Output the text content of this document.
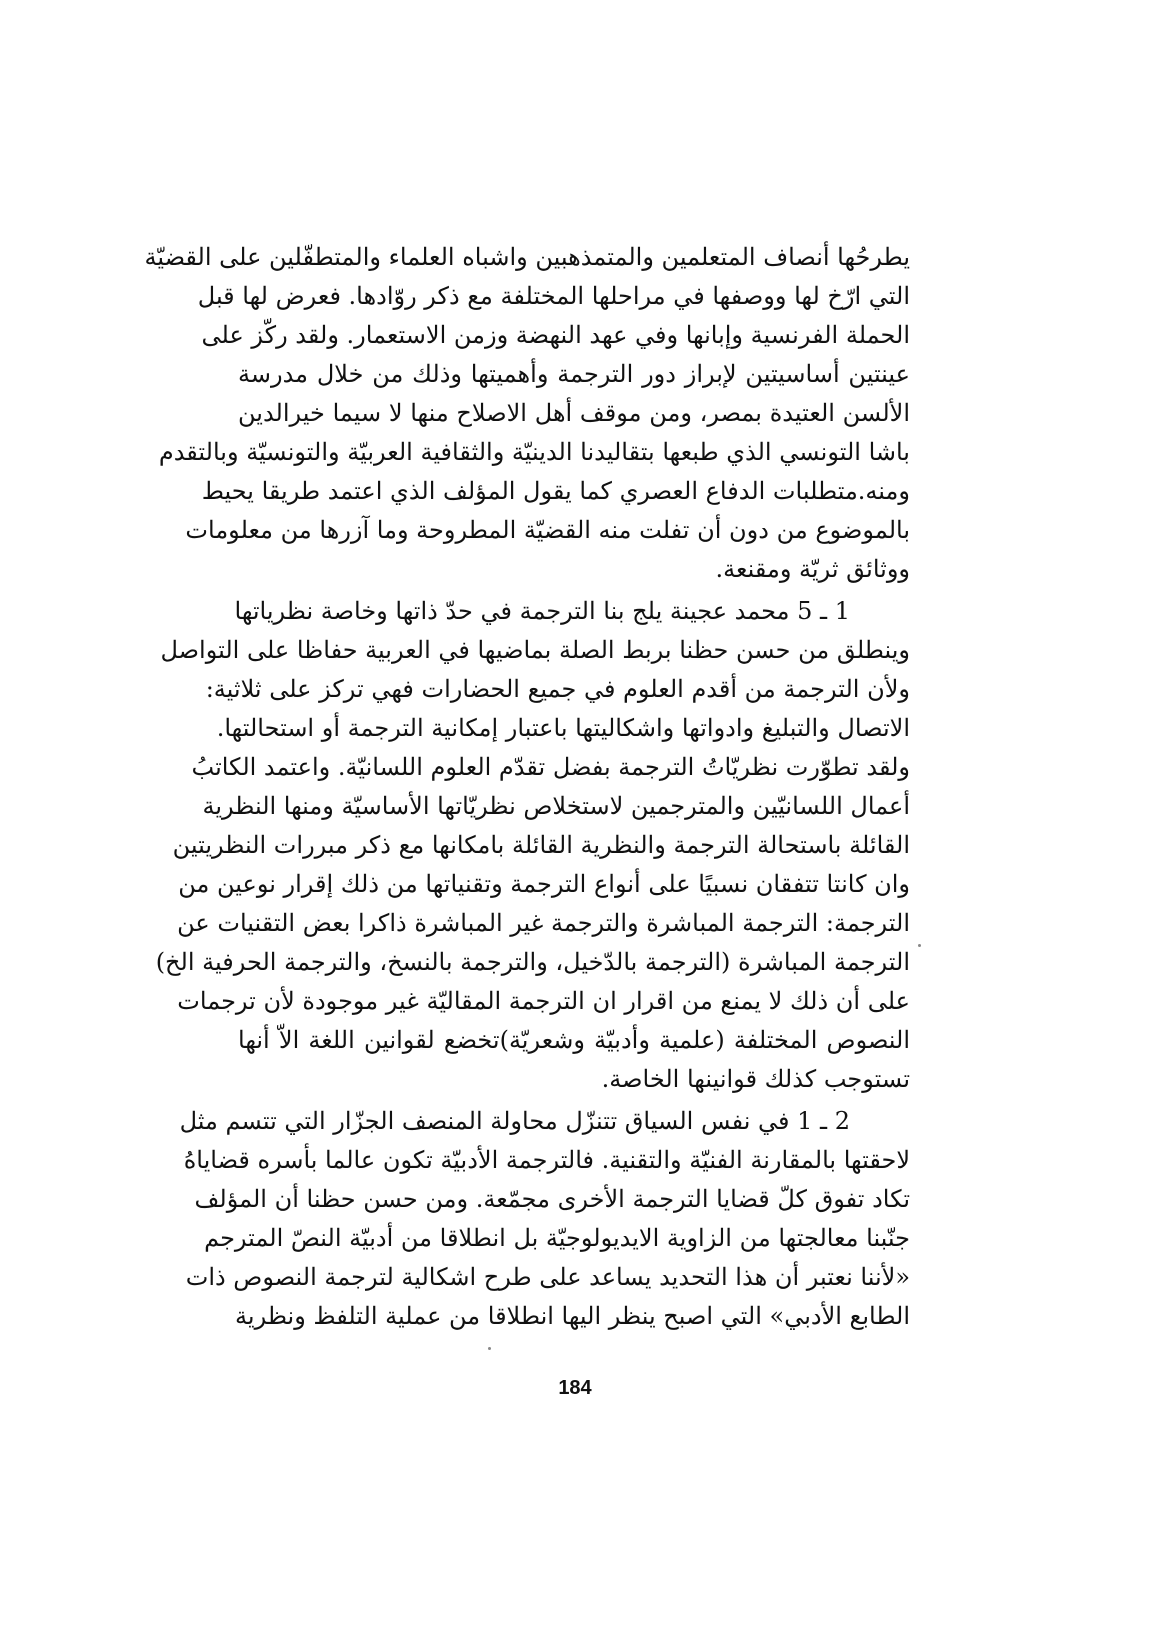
يطرحُها أنصاف المتعلمين والمتمذهبين واشباه العلماء والمتطفّلين على القضيّة
التي ارّخ لها ووصفها في مراحلها المختلفة مع ذكر روّادها. فعرض لها قبل
الحملة الفرنسية وإبانها وفي عهد النهضة وزمن الاستعمار. ولقد ركّز على
عينتين أساسيتين لإبراز دور الترجمة وأهميتها وذلك من خلال مدرسة
الألسن العتيدة بمصر، ومن موقف أهل الاصلاح منها لا سيما خيرالدين
باشا التونسي الذي طبعها بتقاليدنا الدينيّة والثقافية العربيّة والتونسيّة وبالتقدم
ومنه.متطلبات الدفاع العصري كما يقول المؤلف الذي اعتمد طريقا يحيط
بالموضوع من دون أن تفلت منه القضيّة المطروحة وما آزرها من معلومات
ووثائق ثريّة ومقنعة.
1 ـ 5 محمد عجينة يلج بنا الترجمة في حدّ ذاتها وخاصة نظرياتها
وينطلق من حسن حظنا بربط الصلة بماضيها في العربية حفاظا على التواصل
ولأن الترجمة من أقدم العلوم في جميع الحضارات فهي تركز على ثلاثية:
الاتصال والتبليغ وادواتها واشكاليتها باعتبار إمكانية الترجمة أو استحالتها.
ولقد تطوّرت نظريّاتُ الترجمة بفضل تقدّم العلوم اللسانيّة. واعتمد الكاتبُ
أعمال اللسانيّين والمترجمين لاستخلاص نظريّاتها الأساسيّة ومنها النظرية
القائلة باستحالة الترجمة والنظرية القائلة بامكانها مع ذكر مبررات النظريتين
وان كانتا تتفقان نسبيًا على أنواع الترجمة وتقنياتها من ذلك إقرار نوعين من
الترجمة: الترجمة المباشرة والترجمة غير المباشرة ذاكرا بعض التقنيات عن
الترجمة المباشرة (الترجمة بالدّخيل، والترجمة بالنسخ، والترجمة الحرفية الخ)
على أن ذلك لا يمنع من اقرار ان الترجمة المقاليّة غير موجودة لأن ترجمات
النصوص المختلفة (علمية وأدبيّة وشعريّة)تخضع لقوانين اللغة الاّ أنها
تستوجب كذلك قوانينها الخاصة.
2 ـ 1 في نفس السياق تتنزّل محاولة المنصف الجزّار التي تتسم مثل
لاحقتها بالمقارنة الفنيّة والتقنية. فالترجمة الأدبيّة تكون عالما بأسره قضاياهُ
تكاد تفوق كلّ قضايا الترجمة الأخرى مجمّعة. ومن حسن حظنا أن المؤلف
جنّبنا معالجتها من الزاوية الايديولوجيّة بل انطلاقا من أدبيّة النصّ المترجم
«لأننا نعتبر أن هذا التحديد يساعد على طرح اشكالية لترجمة النصوص ذات
الطابع الأدبي» التي اصبح ينظر اليها انطلاقا من عملية التلفظ ونظرية
184
